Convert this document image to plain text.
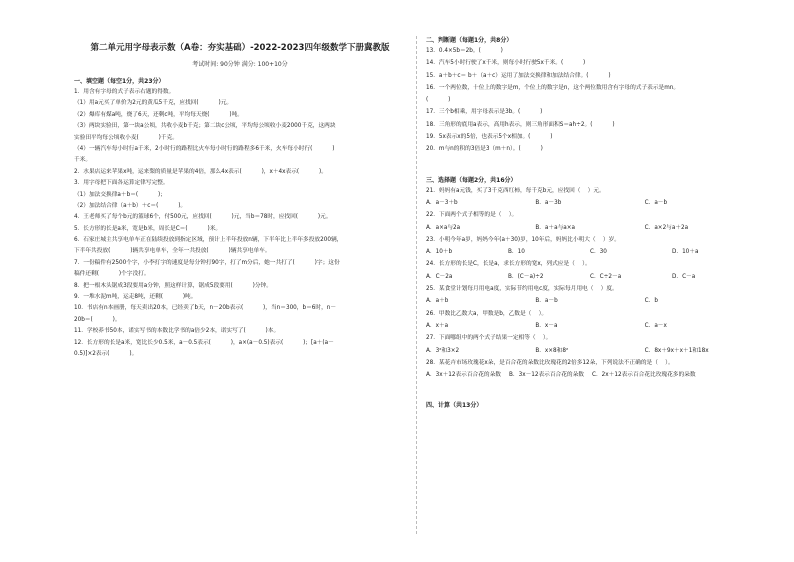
第二单元用字母表示数（A卷：夯实基础）-2022-2023四年级数学下册冀教版
考试时间: 90分钟 满分: 100+10分
一、填空题（每空1分，共23分）
1．用含有字母的式子表示右题的得数。
（1）用a元买了单价为2元的黄瓜5千克，应找回(           )元。
（2）爆库有煤a吨，烧了6天，还剩c吨，平均每天烧(           )吨。
（3）两块实验田，第一块a公顷，共收小麦b千克；第二块c公顷，平均每公顷收小麦2000千克，这两块
实验田平均每公顷收小麦(           )千克。
（4）一辆汽车每小时行a千米，2小时行的路程比火车每小时行的路程多6千米，火车每小时行(           )
千米。
2．水果店运来苹果x吨，运来梨的质量是苹果的4倍，那么4x表示(           )，x＋4x表示(           )。
3．用字母把下面各运算定律写完整。
（1）加法交换律a＋b＝(           )；
（2）加法结合律（a＋b）＋c＝(           )。
4．王老师买了每个b元的篮球6个，付500元，应找回(           )元，当b＝78时，应找回(           )元。
5．长方形的长是a米，宽是b米，周长是C＝(           )米。
6．石家庄城主共享电单车正在陆续投放到指定区域，预计上半年投放n辆，下半年比上半年多投放200辆，
下半年共投放(           )辆共享电单车，全年一共投放(           )辆共享电单车。
7．一份稿件有2500个字，小李打字的速度是每分钟打90字，打了m分后，她一共打了(           )字；这份
稿件还剩(           )个字没打。
8．把一根木头锯成3段要用a分钟，照这样计算，锯成5段要用(           )分钟。
9．一堆水泥m吨，运走8吨，还剩(           )吨。
10．书店有n本画册，每天卖出20本，已经卖了b天，n－20b表示(           )，当n＝300，b＝6时，n－
20b＝(           )。
11．学校养书50本，诺实写书的本数比学书的a倍少2本，诺实写了(           )本。
12．长方形的长是a米，宽比长少0.5米，a－0.5表示(           )，a×(a－0.5)表示(           )；[a＋(a－
0.5)]×2表示(           )。
二、判断题（每题1分，共8分）
13．0.4×5b＝2b。(           )
14．汽车5小时行驶了x千米，则每小时行驶5x千米。(           )
15．a＋b＋c＝ b＋（a＋c）运用了加法交换律和加法结合律。(           )
16．一个两位数，十位上的数字是m，个位上的数字是n，这个两位数用含有字母的式子表示是mn。
(           )
17．三个b相乘，用字母表示是3b。(           )
18．三角形的底用a表示，高用h表示，则三角形面积S＝ah÷2。(           )
19．5x表示x的5倍，也表示5个x相加。(           )
20．m与n的积的3倍是3（m＋n）。(           )
三、选择题（每题2分，共16分）
21．妈妈有a元钱，买了3千克西红柿，每千克b元，应找回（    ）元。
A．a－3＋b	B．a－3b	C．a－b
22．下面两个式子相等的是（    ）。
A．a×a与2a	B．a＋a与a×a	C．a×2与a＋2a
23．小明今年a岁，妈妈今年(a＋30)岁，10年后，妈妈比小明大（    ）岁。
A．10＋b	B．10	C．30	D．10＋a
24．长方形的长是C，长是a，求长方形的宽x，列式应是（    ）。
A．C－2a	B．(C－a)÷2	C．C÷2－a	D．C－a
25．某食堂计划每月用电a度，实际节约用电c度，实际每月用电（    ）度。
A．a＋b	B．a－b	C．b
26．甲数比乙数大a，甲数是b，乙数是（    ）。
A．x＋a	B．x－a	C．a－x
27．下面哪组中的两个式子结果一定相等（    ）。
A．3²和3×2	B．x×8和8²	C．8x＋9x＋x＋1和18x
28．某花卉市场玫瑰花x朵，是百合花的朵数比玫瑰花的2倍多12朵，下列说法不正确的是（    ）。
A．3x＋12表示百合花的朵数 B．3x－12表示百合花的朵数 C．2x＋12表示百合花比玫瑰花多的朵数
四、计算（共13分）
